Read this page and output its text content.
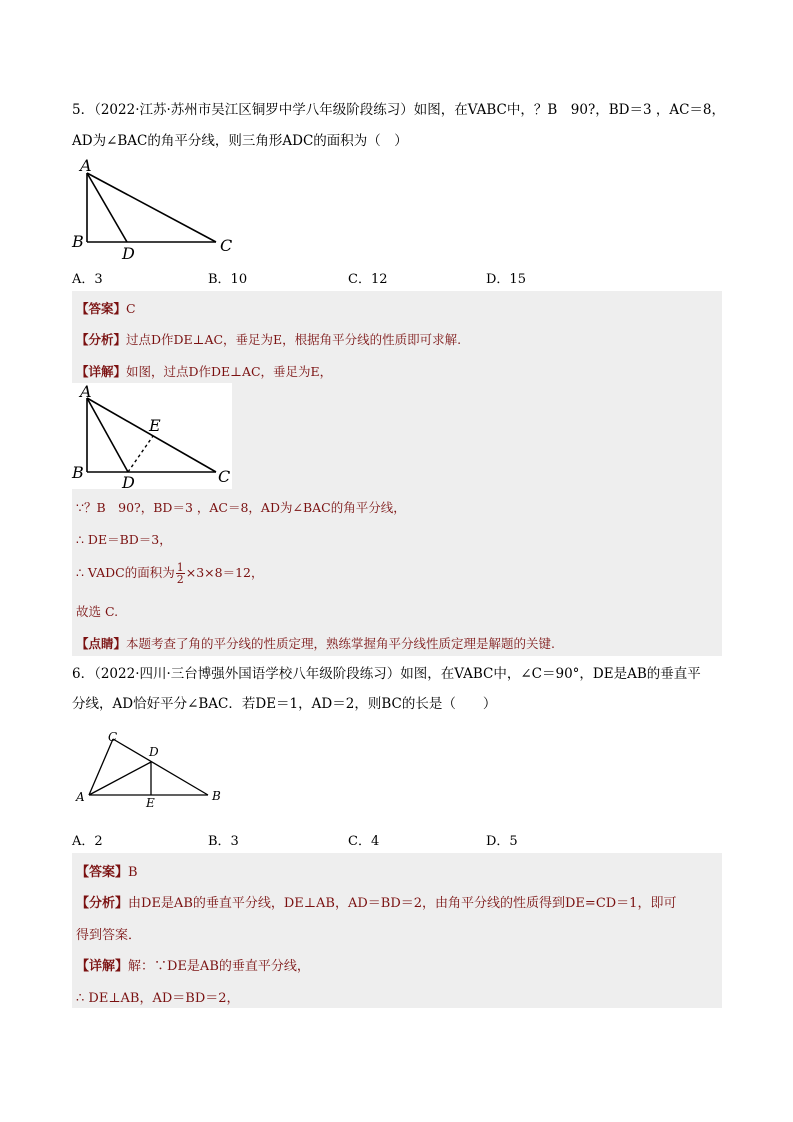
5．（2022·江苏·苏州市吴江区铜罗中学八年级阶段练习）如图，在VABC中，？B　90?，BD＝3 ，AC＝8，
AD为∠BAC的角平分线，则三角形ADC的面积为（　）
A
B	C
D
A．3	B．10	C．12	D．15
【答案】C
【分析】过点D作DE⊥AC，垂足为E，根据角平分线的性质即可求解.
【详解】如图，过点D作DE⊥AC，垂足为E，
A
B	C
D
E
∵？B　90?，BD＝3 ，AC＝8，AD为∠BAC的角平分线，
∴ DE＝BD＝3，
∴ VADC的面积为 $\frac{1}{2} \times 3\times 8=12$，
故选 C.
【点睛】本题考查了角的平分线的性质定理，熟练掌握角平分线性质定理是解题的关键.
6．（2022·四川·三台博强外国语学校八年级阶段练习）如图，在VABC中，∠C＝90°，DE是AB的垂直平
分线，AD恰好平分∠BAC．若DE＝1，AD＝2，则BC的长是（　　）
C
D
A	E	B
A．2	B．3	C．4	D．5
【答案】B
【分析】由DE是AB的垂直平分线，DE⊥AB，AD＝BD＝2，由角平分线的性质得到DE=CD＝1，即可
得到答案．
【详解】解：∵DE是AB的垂直平分线，
∴ DE⊥AB，AD＝BD＝2，
